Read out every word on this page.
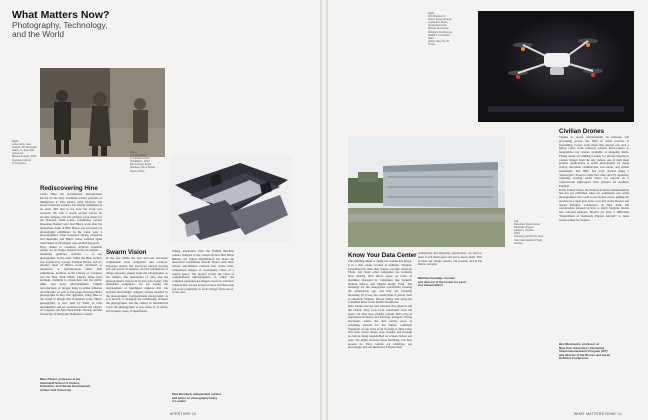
What Matters Now?
Photography, Technology,
and the World
Right:
Lewis Hine, Sea
Joseph, 18, Rescued
Volley Jr., Ayer Mill,
Lawrence,
Massachusetts, 1911
Courtesy Library
of Congress
Below:
X-R simulation
of Caravel-Vision
Installation, 2012
All Courtesy Esper
(Dataset, Mere Piston
Denny Park)
Rediscovering Hine
Lewis Hine, the documentary photographer known for his early twentieth-century portraits of immigrants at Ellis Island, child laborers, and heroic industrial workers, has finally triumphed as an artist. But that is not how his work was received. He was a social worker before he became famous, and his pictures were made for the National Child Labor Committee; curator Roseanne Neuhof says that Hine's work after his mysterious death at Hull House was recovered as photography exhibition. In the same year, a photographer's value increased among collectors and museums, and Hine's career suffered again when much of his images were printed forgotten.
Now, thanks to countless archives available online, we no longer depend on the art market — museums, galleries, auctions — to see photographs. In the early 1900s the Hine archive was acquired by George Eastman House, and for decades most of Hine's works circulated as references or reproductions rather than exhibitions. Archives at the Library of Congress and the New York Public Library make their holdings available to researchers and the public alike, and press advertisements, Digital reproductions of images hung in online galleries and libraries, as well as full pages showing Hine's photographs as they first appeared, bring Hine to the world of images that flourished today. Hine's photography is now seen by many as both documentary and art. Archives include the Library of Congress, the New York Public Library, and the University of Maryland, Baltimore County.
Mary Panzer, professor at the
Steinhardt School of Culture,
Education, and Human Development
at New York University
Swarm Vision
In the late 2000s the first low-cost electronic components were integrated into cameras. Exposure meters and autofocus sensors became part and parcel of cameras, and the calculations of image exposure passed from the photographer to the camera. The automation of jobs, and the photographer's choices in recent years, faster, with embedded computers, we are seeing the development of intelligent cameras that can perform increasingly complex actions unaided by the photographer. Computational photography, as it is known, is changing the relationship between the photographer and the camera in fundamental ways: the photographer is now more of an editor, and in many cases, is superfluous.
Taking inspiration from the ESPER Machine camera featured in the science-fiction film Blade Runner, the culture KigWildLab has made the interactive installation Swarm Vision with three robotic surveillance cameras that create time-compressed images of overlapping views of a central space. The project recalls the ideas of computational photographers, in which the computer generates the images. Soon we will have cameras that can see around corners and those that can work completely to focus images from out-of-focus ones.
Paul Brombell, independent curator
and writer on photography living
in London
APERTURE 10
Right:
DJI Phantom 3
Vision flying camera,
a phantom drone
presented at the
Drones and Aerial
Robotics Conference
(DARC) in October
2013
Arthur Gary for NY
Times
Left:
Facebook Data Center,
Prineville Oregon
Ashburn, Virginia
2013
Courtesy Center for Land
Use Interpretation Photo
Archive
Know Your Data Center
This building might or might not contain this image. It is a data center, located in Ashburn, Virginia, surrounded by other data centers. Google, Amazon, Flickr, and many other companies are residents here, sharing hard drives space on racks of machines managed by companies like Equinix, DuPont Fabros, and Digital Realty Trust. The buildings are the anonymous architecture housing the information age, and they are currently blooming all across the countryside in places such as suburban Virginia, Silicon Valley, and along the Columbia River in the Pacific Northwest.
Data centers are the axis between the physical and the virtual. They look from abandoned from the street, but what they actually contain, their price of negotiated exclusion and intensely energetic, lifting electronic, where, the data centers serve as switching stations for the digital, combined fragments of our lives from flowing to fiber tubes and radio waves under, over, around, and through us, before being reassembled on screens before our eyes. We might increase these buildings, but they present us. They contain our identities, our knowledge, and our memories. Despite their
anonymous and imposing appearances, we need to learn to tell them apart and get to know them. This is what our culture resides, our present, and in the future, our past.
Matthew Coolidge, founder
and director of the Center for Land
Use Interpretation
Civilian Drones
Thanks to recent advancements in software and processing power, the field of aerial robotics is flourishing. Lower costs mean that anyone can own a flying robot, from remotely piloted microcopters to inexpensive toy drones available at shopping malls. Flying robots are making it easier for private citizens to capture images from the sky; indeed, one of their most popular applications is aerial photography by many videos, television commercials, real estate, and citizen journalism. The BBC has even started using a "hexacopter" drone for their live video and TV reporting, capturing soaring aerial views for reports on a controversial high-speed train planned for northern England.
In the United States, the Federal Aviation Administration has not yet published rules for journalism and aerial photographers who want to use flying robots, putting the practice in a legal gray zone. Last fall, at the Drones and Aerial Robotics Conference in New York, the conversation focused on how to safely integrate drones into national airspace. Should we have a DMV-like "Department of Remotely Piloted Aircraft" to issue license plates for drones?
Ben Woolsenks, professor at
New York University's Interactive
Telecommunications Program (ITP)
and director of the Drones and Aerial
Robotics Conference
WHAT MATTERS NOW? 11
